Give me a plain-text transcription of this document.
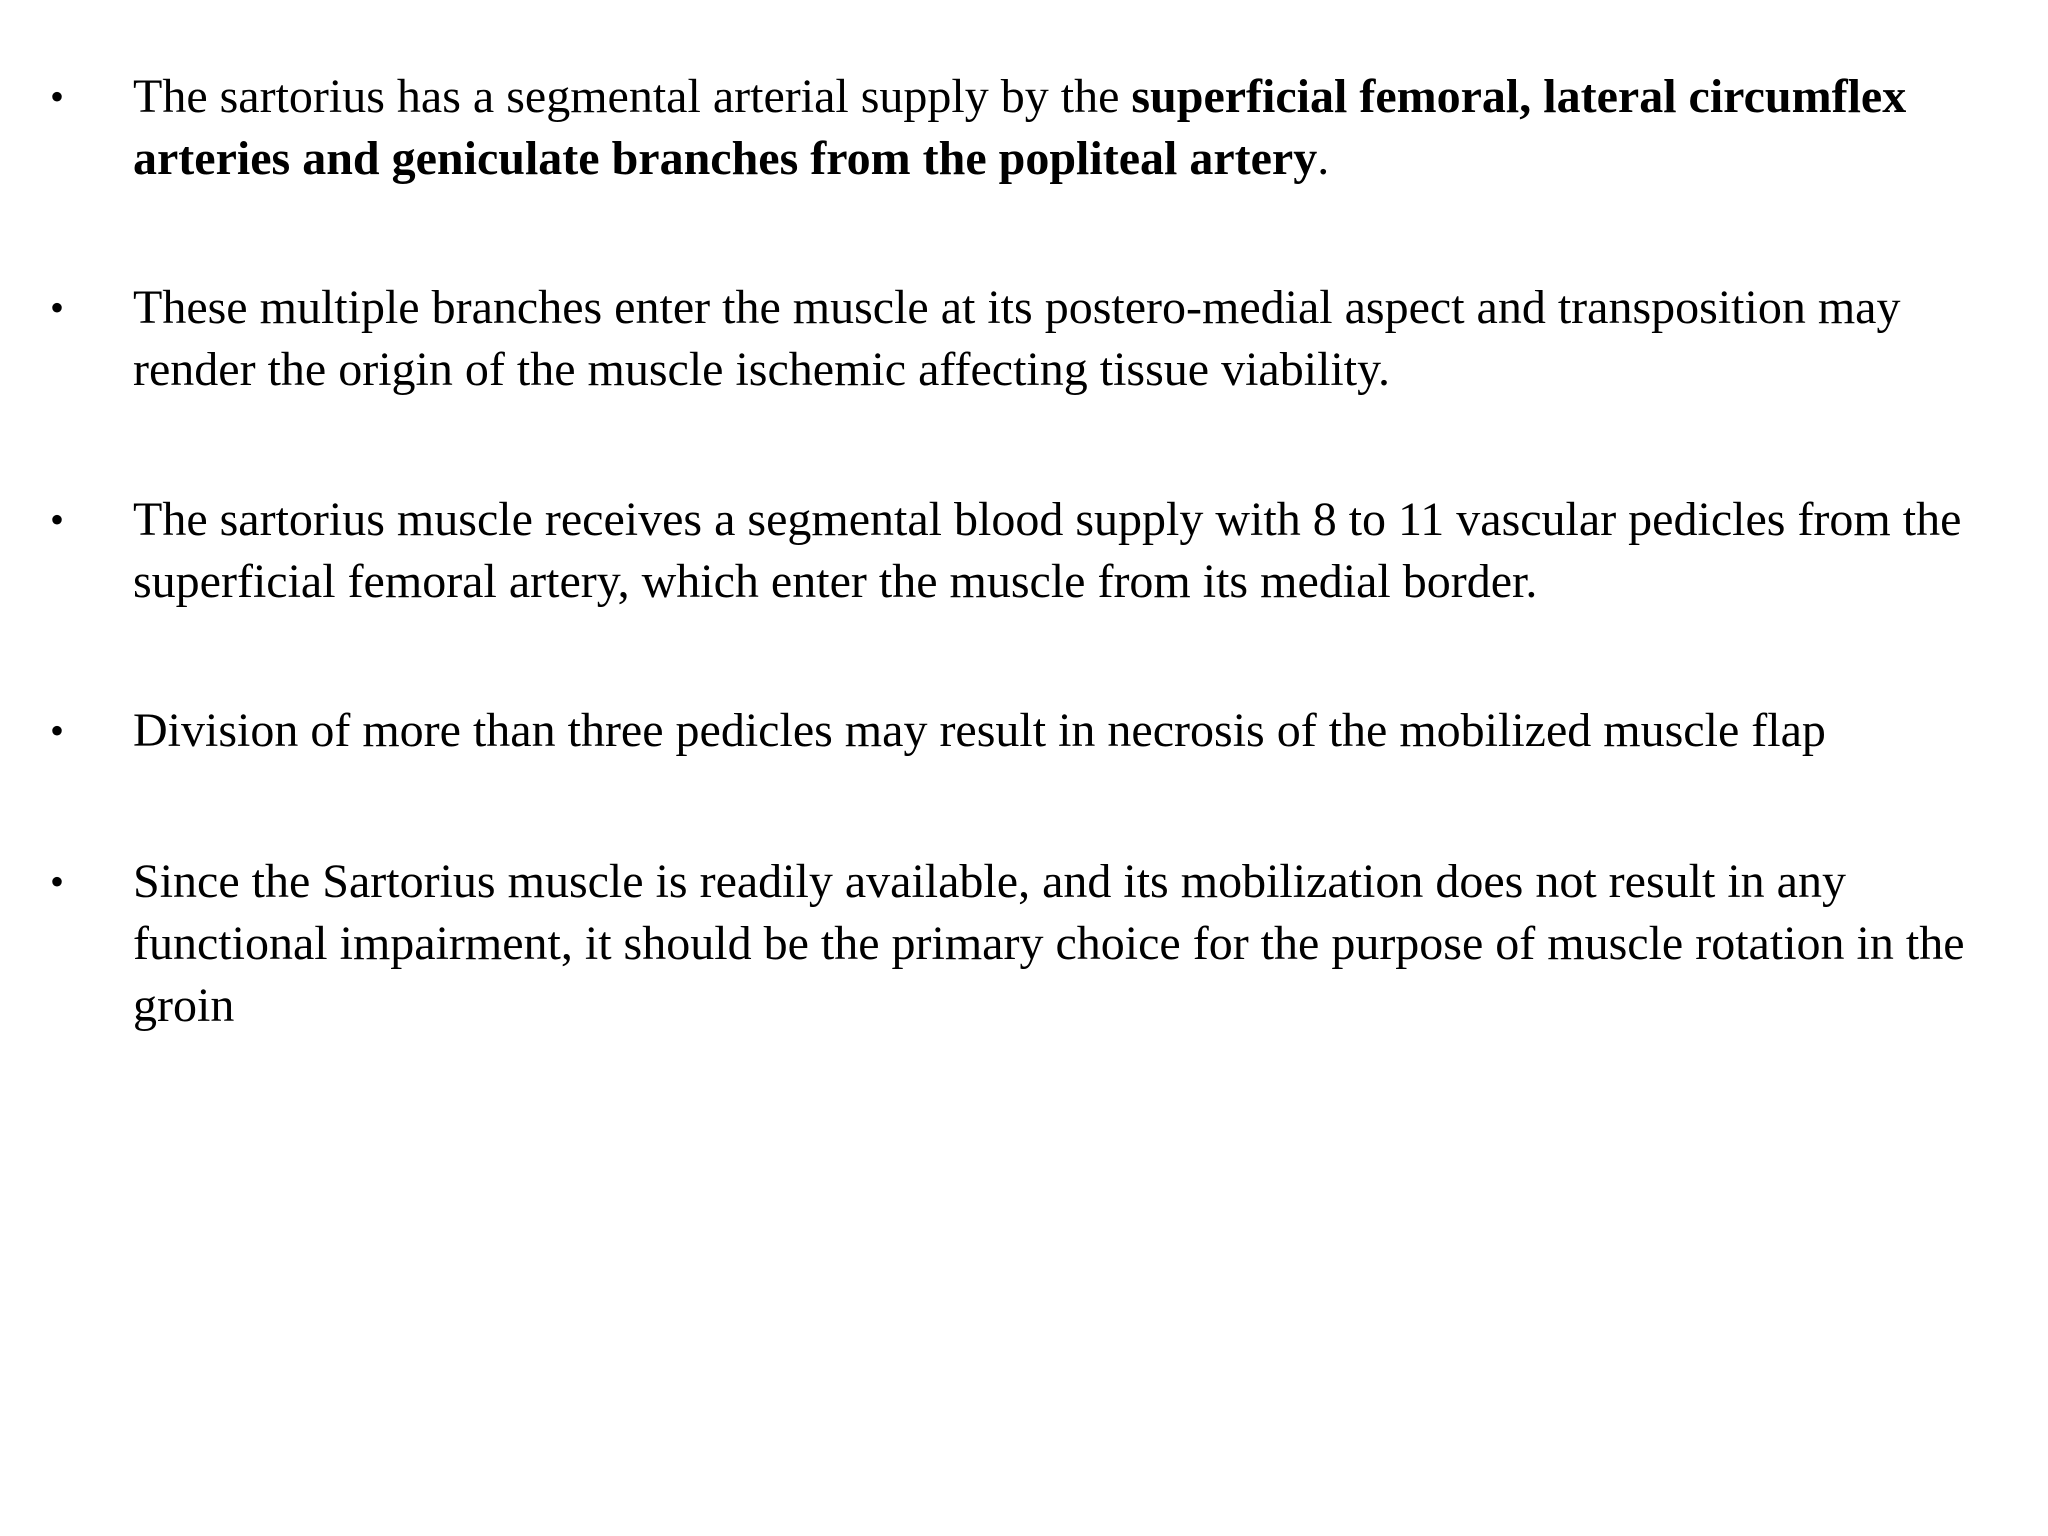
• The sartorius has a segmental arterial supply by the superficial femoral, lateral circumflex arteries and geniculate branches from the popliteal artery.
• These multiple branches enter the muscle at its postero-medial aspect and transposition may render the origin of the muscle ischemic affecting tissue viability.
• The sartorius muscle receives a segmental blood supply with 8 to 11 vascular pedicles from the superficial femoral artery, which enter the muscle from its medial border.
• Division of more than three pedicles may result in necrosis of the mobilized muscle flap
• Since the Sartorius muscle is readily available, and its mobilization does not result in any functional impairment, it should be the primary choice for the purpose of muscle rotation in the groin
